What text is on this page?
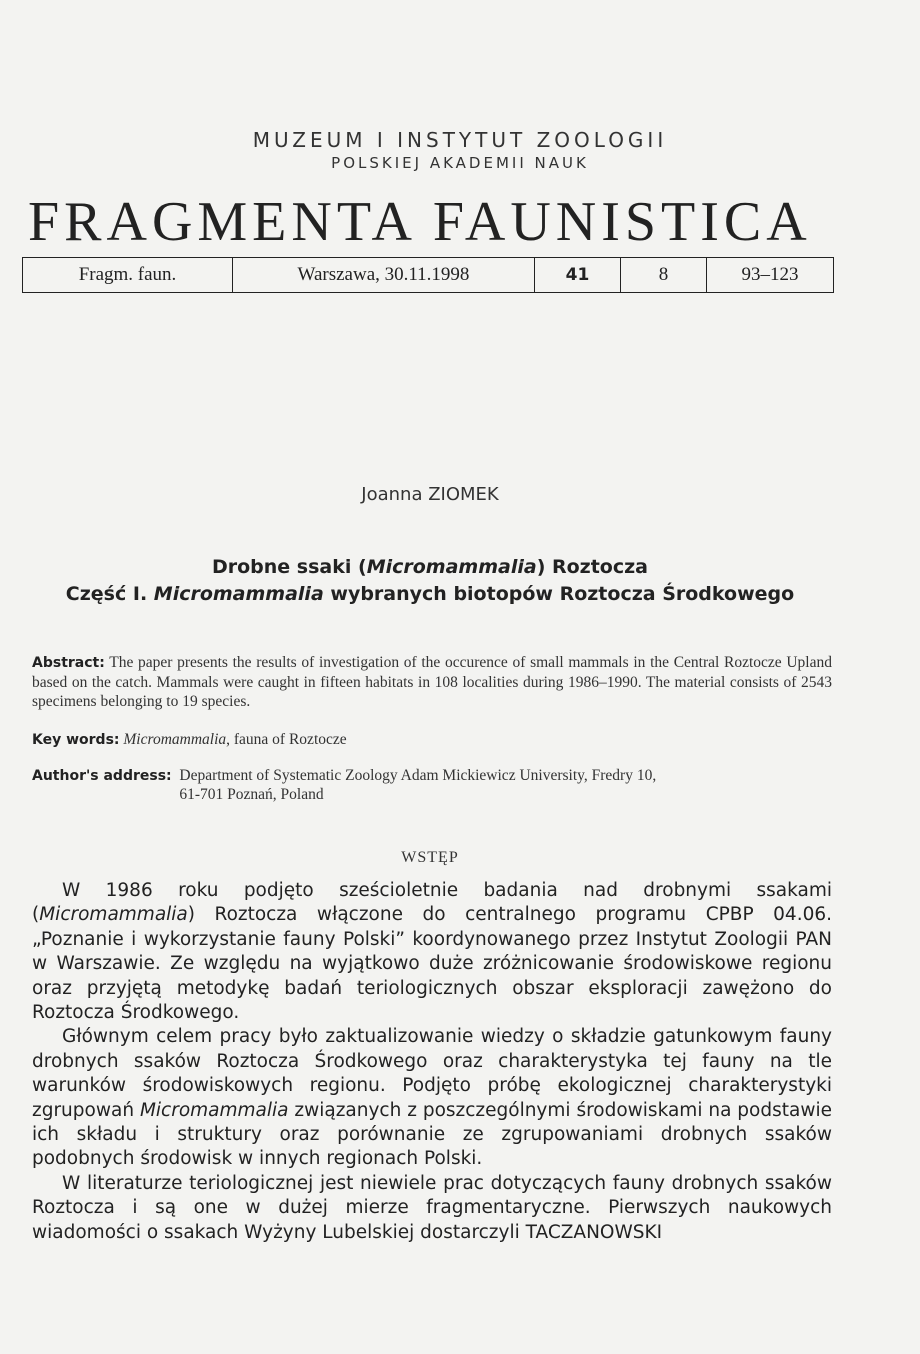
MUZEUM I INSTYTUT ZOOLOGII
POLSKIEJ AKADEMII NAUK
FRAGMENTA FAUNISTICA
Fragm. faun.	Warszawa, 30.11.1998	41	8	93–123
Joanna ZIOMEK
Drobne ssaki (Micromammalia) Roztocza
Część I. Micromammalia wybranych biotopów Roztocza Środkowego
Abstract: The paper presents the results of investigation of the occurence of small mammals in the Central Roztocze Upland based on the catch. Mammals were caught in fifteen habitats in 108 localities during 1986–1990. The material consists of 2543 specimens belonging to 19 species.
Key words: Micromammalia, fauna of Roztocze
Author's address: Department of Systematic Zoology Adam Mickiewicz University, Fredry 10,
61-701 Poznań, Poland
WSTĘP

W 1986 roku podjęto sześcioletnie badania nad drobnymi ssakami (Micromammalia) Roztocza włączone do centralnego programu CPBP 04.06. „Poznanie i wykorzystanie fauny Polski” koordynowanego przez Instytut Zoologii PAN w Warszawie. Ze względu na wyjątkowo duże zróżnicowanie środowiskowe regionu oraz przyjętą metodykę badań teriologicznych obszar eksploracji zawężono do Roztocza Środkowego.

Głównym celem pracy było zaktualizowanie wiedzy o składzie gatunkowym fauny drobnych ssaków Roztocza Środkowego oraz charakterystyka tej fauny na tle warunków środowiskowych regionu. Podjęto próbę ekologicznej charakterystyki zgrupowań Micromammalia związanych z poszczególnymi środowiskami na podstawie ich składu i struktury oraz porównanie ze zgrupowaniami drobnych ssaków podobnych środowisk w innych regionach Polski.

W literaturze teriologicznej jest niewiele prac dotyczących fauny drobnych ssaków Roztocza i są one w dużej mierze fragmentaryczne. Pierwszych naukowych wiadomości o ssakach Wyżyny Lubelskiej dostarczyli TACZANOWSKI
